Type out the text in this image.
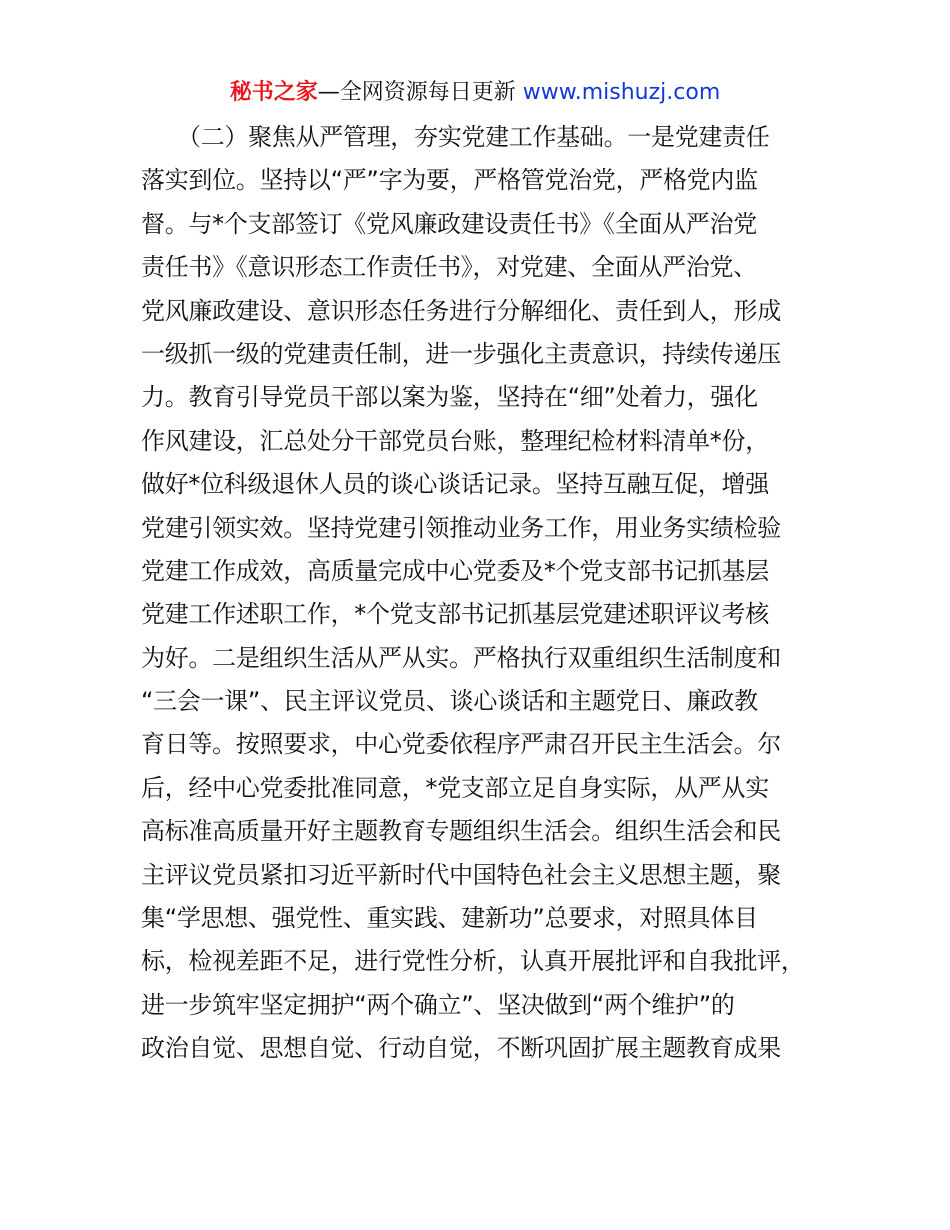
秘书之家—全网资源每日更新 www.mishuzj.com
（二）聚焦从严管理，夯实党建工作基础。一是党建责任
落实到位。坚持以“严”字为要，严格管党治党，严格党内监
督。与*个支部签订《党风廉政建设责任书》《全面从严治党
责任书》《意识形态工作责任书》，对党建、全面从严治党、
党风廉政建设、意识形态任务进行分解细化、责任到人，形成
一级抓一级的党建责任制，进一步强化主责意识，持续传递压
力。教育引导党员干部以案为鉴，坚持在“细”处着力，强化
作风建设，汇总处分干部党员台账，整理纪检材料清单*份，
做好*位科级退休人员的谈心谈话记录。坚持互融互促，增强
党建引领实效。坚持党建引领推动业务工作，用业务实绩检验
党建工作成效，高质量完成中心党委及*个党支部书记抓基层
党建工作述职工作，*个党支部书记抓基层党建述职评议考核
为好。二是组织生活从严从实。严格执行双重组织生活制度和
“三会一课”、民主评议党员、谈心谈话和主题党日、廉政教
育日等。按照要求，中心党委依程序严肃召开民主生活会。尔
后，经中心党委批准同意，*党支部立足自身实际，从严从实
高标准高质量开好主题教育专题组织生活会。组织生活会和民
主评议党员紧扣习近平新时代中国特色社会主义思想主题，聚
集“学思想、强党性、重实践、建新功”总要求，对照具体目
标，检视差距不足，进行党性分析，认真开展批评和自我批评，
进一步筑牢坚定拥护“两个确立”、坚决做到“两个维护”的
政治自觉、思想自觉、行动自觉，不断巩固扩展主题教育成果
